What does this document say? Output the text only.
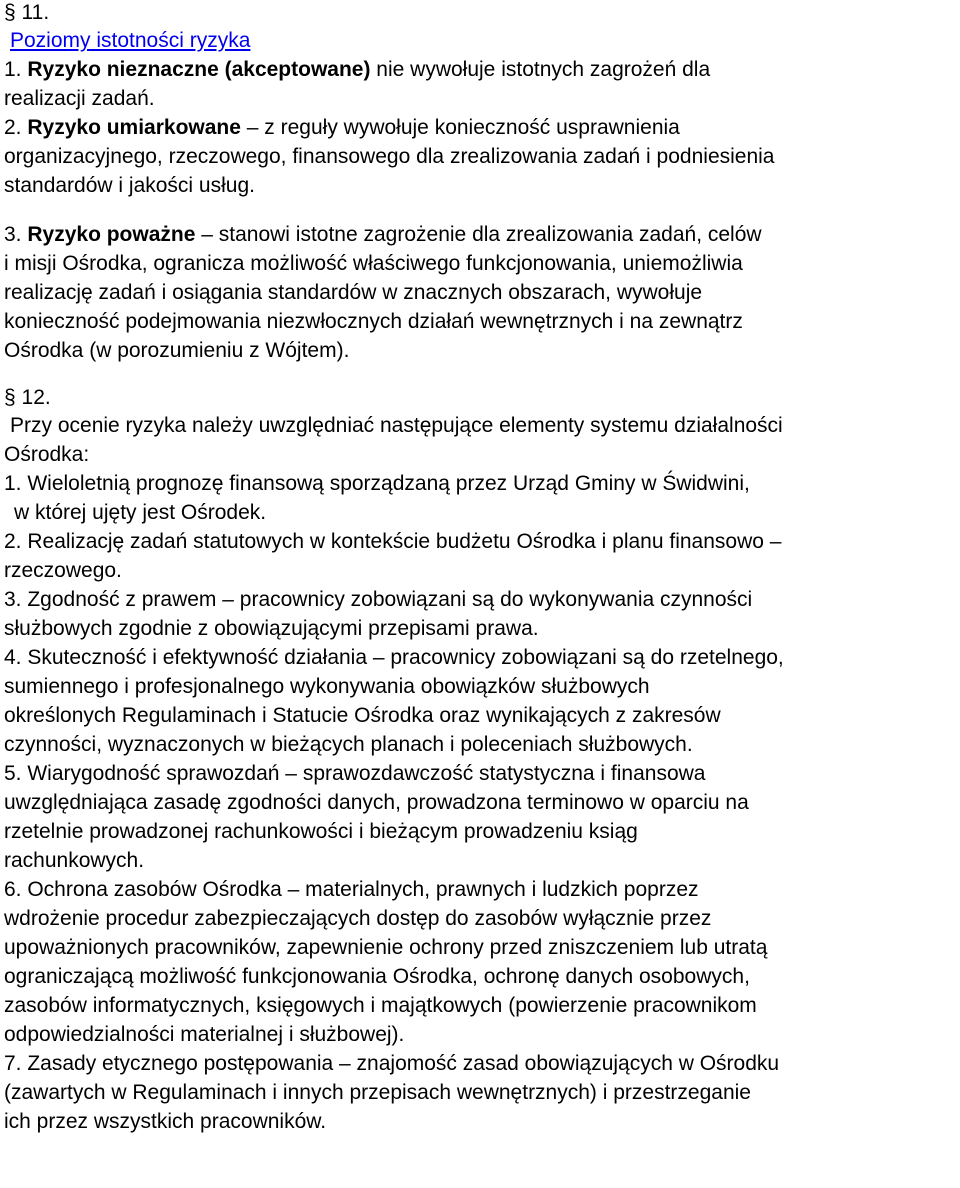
§ 11.
Poziomy istotności ryzyka
1. Ryzyko nieznaczne (akceptowane) nie wywołuje istotnych zagrożeń dla
realizacji zadań.
2. Ryzyko umiarkowane – z reguły wywołuje konieczność usprawnienia
organizacyjnego, rzeczowego, finansowego dla zrealizowania zadań i podniesienia
standardów i jakości usług.
3. Ryzyko poważne – stanowi istotne zagrożenie dla zrealizowania zadań, celów
i misji Ośrodka, ogranicza możliwość właściwego funkcjonowania, uniemożliwia
realizację zadań i osiągania standardów w znacznych obszarach, wywołuje
konieczność podejmowania niezwłocznych działań wewnętrznych i na zewnątrz
Ośrodka (w porozumieniu z Wójtem).
§ 12.
Przy ocenie ryzyka należy uwzględniać następujące elementy systemu działalności
Ośrodka:
1. Wieloletnią prognozę finansową sporządzaną przez Urząd Gminy w Świdwini,
w której ujęty jest Ośrodek.
2. Realizację zadań statutowych w kontekście budżetu Ośrodka i planu finansowo –
rzeczowego.
3. Zgodność z prawem – pracownicy zobowiązani są do wykonywania czynności
służbowych zgodnie z obowiązującymi przepisami prawa.
4. Skuteczność i efektywność działania – pracownicy zobowiązani są do rzetelnego,
sumiennego i profesjonalnego wykonywania obowiązków służbowych
określonych Regulaminach i Statucie Ośrodka oraz wynikających z zakresów
czynności, wyznaczonych w bieżących planach i poleceniach służbowych.
5. Wiarygodność sprawozdań – sprawozdawczość statystyczna i finansowa
uwzględniająca zasadę zgodności danych, prowadzona terminowo w oparciu na
rzetelnie prowadzonej rachunkowości i bieżącym prowadzeniu ksiąg
rachunkowych.
6. Ochrona zasobów Ośrodka – materialnych, prawnych i ludzkich poprzez
wdrożenie procedur zabezpieczających dostęp do zasobów wyłącznie przez
upoważnionych pracowników, zapewnienie ochrony przed zniszczeniem lub utratą
ograniczającą możliwość funkcjonowania Ośrodka, ochronę danych osobowych,
zasobów informatycznych, księgowych i majątkowych (powierzenie pracownikom
odpowiedzialności materialnej i służbowej).
7. Zasady etycznego postępowania – znajomość zasad obowiązujących w Ośrodku
(zawartych w Regulaminach i innych przepisach wewnętrznych) i przestrzeganie
ich przez wszystkich pracowników.
